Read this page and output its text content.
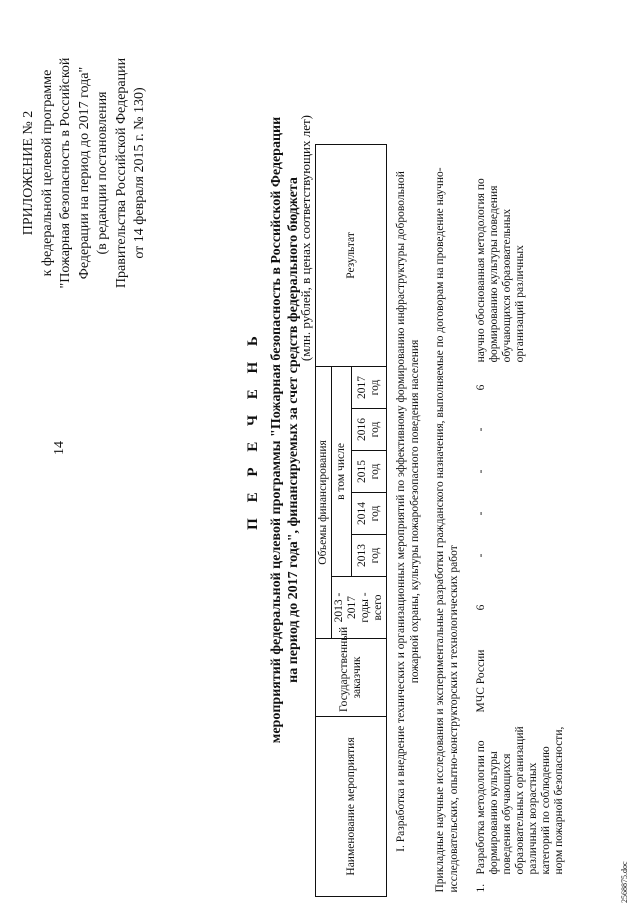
14
ПРИЛОЖЕНИЕ № 2 к федеральной целевой программе "Пожарная безопасность в Российской Федерации на период до 2017 года" (в редакции постановления Правительства Российской Федерации от 14 февраля 2015 г. № 130)
П Е Р Е Ч Е Н Ь мероприятий федеральной целевой программы "Пожарная безопасность в Российской Федерации на период до 2017 года", финансируемых за счет средств федерального бюджета
(млн. рублей, в ценах соответствующих лет)
Наименование мероприятия		Государственный заказчик	Объемы финансирования						Результат

			2013 - 2017 годы - всего	в том числе					
				2013 год	2014 год	2015 год	2016 год	2017 год	
	I. Разработка и внедрение технических и организационных мероприятий по эффективному формированию инфраструктуры добровольной пожарной охраны, культуры пожаробезопасного поведения населения								
Прикладные научные исследования и экспериментальные разработки гражданского назначения, выполняемые по договорам на проведение научно-исследовательских, опытно-конструкторских и технологических работ									
1.	Разработка методологии по формированию культуры поведения обучающихся образовательных организаций различных возрастных категорий по соблюдению норм пожарной безопасности,	МЧС России	6	-	-	-	-	6	научно обоснованная методология по формированию культуры поведения обучающихся образовательных организаций различных
2568875.doc
